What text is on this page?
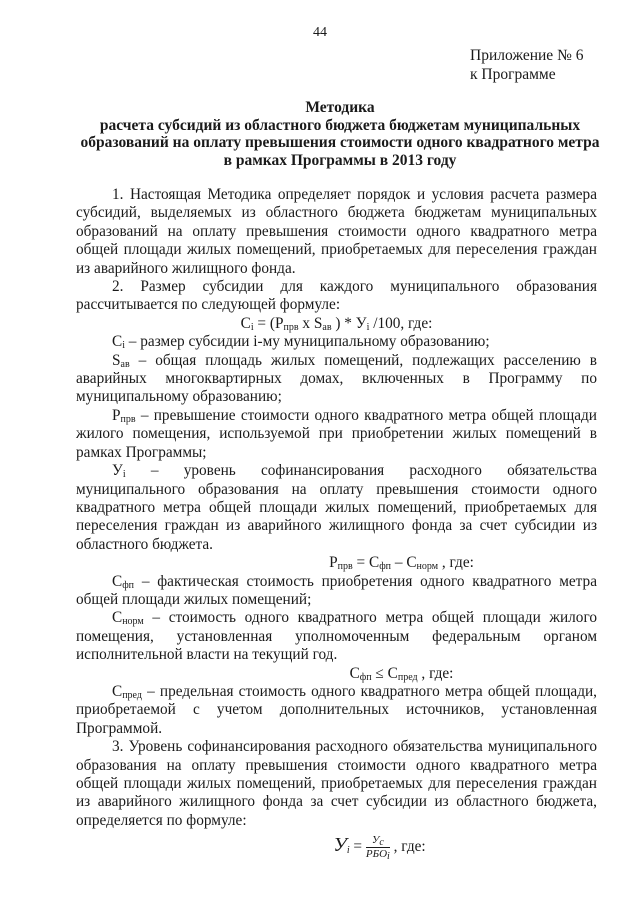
44
Приложение № 6
к Программе
Методика
расчета субсидий из областного бюджета бюджетам муниципальных
образований на оплату превышения стоимости одного квадратного метра
в рамках Программы в 2013 году

1. Настоящая Методика определяет порядок и условия расчета размера субсидий, выделяемых из областного бюджета бюджетам муниципальных образований на оплату превышения стоимости одного квадратного метра общей площади жилых помещений, приобретаемых для переселения граждан из аварийного жилищного фонда.

2. Размер субсидии для каждого муниципального образования рассчитывается по следующей формуле:

$С_i = (Р_{прв}$ х $S_{ав}$ ) * $У_i$ /100, где:

$С_i$ – размер субсидии i-му муниципальному образованию;

$S_{ав}$ – общая площадь жилых помещений, подлежащих расселению в аварийных многоквартирных домах, включенных в Программу по муниципальному образованию;

$Р_{прв}$ – превышение стоимости одного квадратного метра общей площади жилого помещения, используемой при приобретении жилых помещений в рамках Программы;

$У_i$ – уровень софинансирования расходного обязательства муниципального образования на оплату превышения стоимости одного квадратного метра общей площади жилых помещений, приобретаемых для переселения граждан из аварийного жилищного фонда за счет субсидии из областного бюджета.

$Р_{прв} = С_{фп} - С_{норм}$ , где:

$С_{фп}$ – фактическая стоимость приобретения одного квадратного метра общей площади жилых помещений;

$С_{норм}$ – стоимость одного квадратного метра общей площади жилого помещения, установленная уполномоченным федеральным органом исполнительной власти на текущий год.

$С_{фп} \le С_{пред}$ , где:

$С_{пред}$ – предельная стоимость одного квадратного метра общей площади, приобретаемой с учетом дополнительных источников, установленная Программой.

3. Уровень софинансирования расходного обязательства муниципального образования на оплату превышения стоимости одного квадратного метра общей площади жилых помещений, приобретаемых для переселения граждан из аварийного жилищного фонда за счет субсидии из областного бюджета, определяется по формуле:

$У_i = \frac{У_с}{РБО_i}$ , где:
